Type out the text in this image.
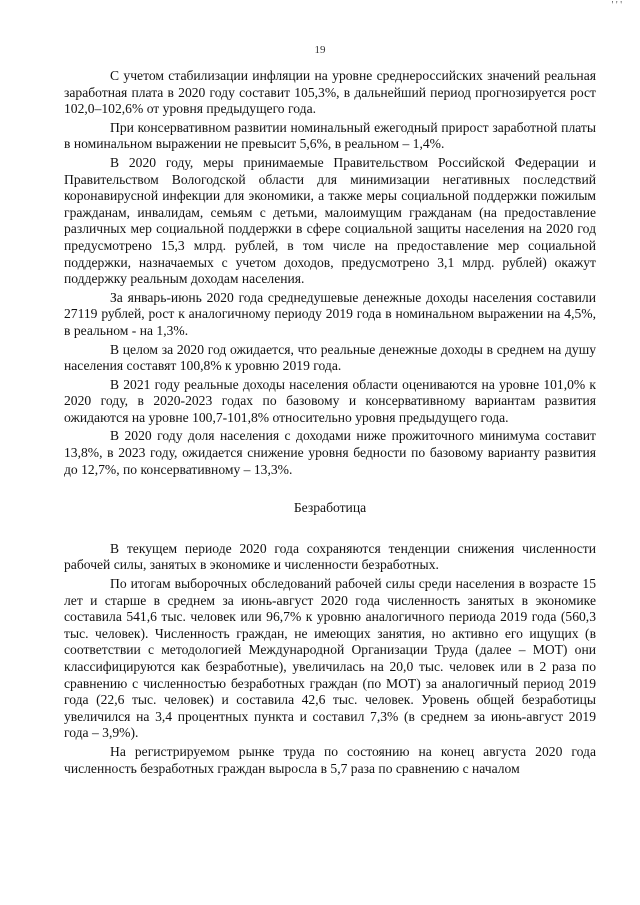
' ' '
19

С учетом стабилизации инфляции на уровне среднероссийских значений реальная заработная плата в 2020 году составит 105,3%, в дальнейший период прогнозируется рост 102,0–102,6% от уровня предыдущего года.

При консервативном развитии номинальный ежегодный прирост заработной платы в номинальном выражении не превысит 5,6%, в реальном – 1,4%.

В 2020 году, меры принимаемые Правительством Российской Федерации и Правительством Вологодской области для минимизации негативных последствий коронавирусной инфекции для экономики, а также меры социальной поддержки пожилым гражданам, инвалидам, семьям с детьми, малоимущим гражданам (на предоставление различных мер социальной поддержки в сфере социальной защиты населения на 2020 год предусмотрено 15,3 млрд. рублей, в том числе на предоставление мер социальной поддержки, назначаемых с учетом доходов, предусмотрено 3,1 млрд. рублей) окажут поддержку реальным доходам населения.

За январь-июнь 2020 года среднедушевые денежные доходы населения составили 27119 рублей, рост к аналогичному периоду 2019 года в номинальном выражении на 4,5%, в реальном - на 1,3%.

В целом за 2020 год ожидается, что реальные денежные доходы в среднем на душу населения составят 100,8% к уровню 2019 года.

В 2021 году реальные доходы населения области оцениваются на уровне 101,0% к 2020 году, в 2020-2023 годах по базовому и консервативному вариантам развития ожидаются на уровне 100,7-101,8% относительно уровня предыдущего года.

В 2020 году доля населения с доходами ниже прожиточного минимума составит 13,8%, в 2023 году, ожидается снижение уровня бедности по базовому варианту развития до 12,7%, по консервативному – 13,3%.

Безработица

В текущем периоде 2020 года сохраняются тенденции снижения численности рабочей силы, занятых в экономике и численности безработных.

По итогам выборочных обследований рабочей силы среди населения в возрасте 15 лет и старше в среднем за июнь-август 2020 года численность занятых в экономике составила 541,6 тыс. человек или 96,7% к уровню аналогичного периода 2019 года (560,3 тыс. человек). Численность граждан, не имеющих занятия, но активно его ищущих (в соответствии с методологией Международной Организации Труда (далее – МОТ) они классифицируются как безработные), увеличилась на 20,0 тыс. человек или в 2 раза по сравнению с численностью безработных граждан (по МОТ) за аналогичный период 2019 года (22,6 тыс. человек) и составила 42,6 тыс. человек. Уровень общей безработицы увеличился на 3,4 процентных пункта и составил 7,3% (в среднем за июнь-август 2019 года – 3,9%).

На регистрируемом рынке труда по состоянию на конец августа 2020 года численность безработных граждан выросла в 5,7 раза по сравнению с началом
